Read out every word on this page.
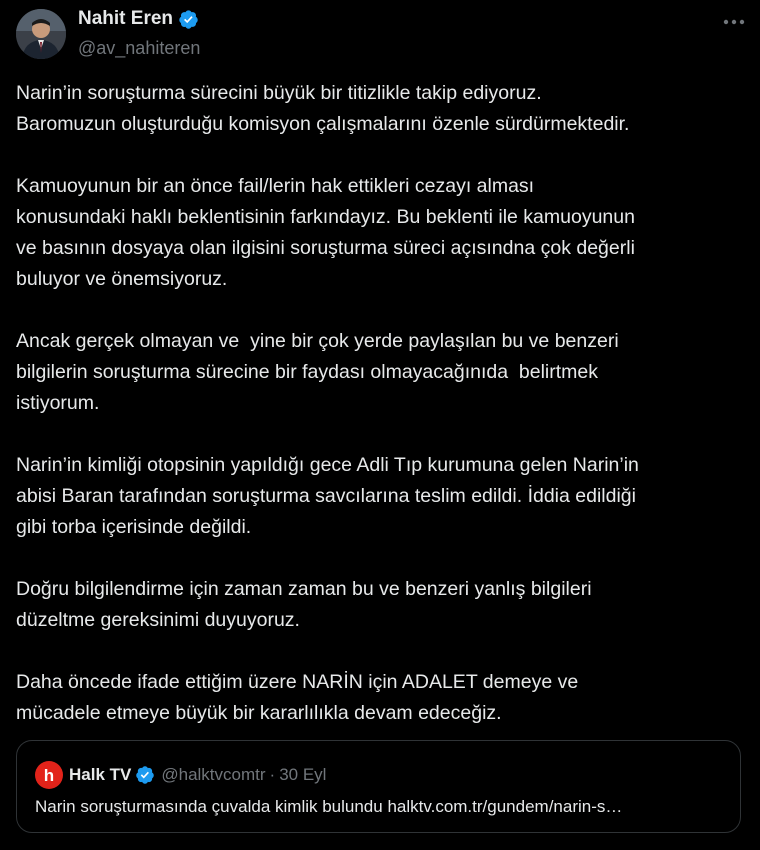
Nahit Eren
@av_nahiteren

Narin’in soruşturma sürecini büyük bir titizlikle takip ediyoruz.
Baromuzun oluşturduğu komisyon çalışmalarını özenle sürdürmektedir.

Kamuoyunun bir an önce fail/lerin hak ettikleri cezayı alması
konusundaki haklı beklentisinin farkındayız. Bu beklenti ile kamuoyunun
ve basının dosyaya olan ilgisini soruşturma süreci açısındna çok değerli
buluyor ve önemsiyoruz.

Ancak gerçek olmayan ve  yine bir çok yerde paylaşılan bu ve benzeri
bilgilerin soruşturma sürecine bir faydası olmayacağınıda  belirtmek
istiyorum.

Narin’in kimliği otopsinin yapıldığı gece Adli Tıp kurumuna gelen Narin’in
abisi Baran tarafından soruşturma savcılarına teslim edildi. İddia edildiği
gibi torba içerisinde değildi.

Doğru bilgilendirme için zaman zaman bu ve benzeri yanlış bilgileri
düzeltme gereksinimi duyuyoruz.

Daha öncede ifade ettiğim üzere NARİN için ADALET demeye ve
mücadele etmeye büyük bir kararlılıkla devam edeceğiz.

h Halk TV @halktvcomtr · 30 Eyl
Narin soruşturmasında çuvalda kimlik bulundu halktv.com.tr/gundem/narin-s…
